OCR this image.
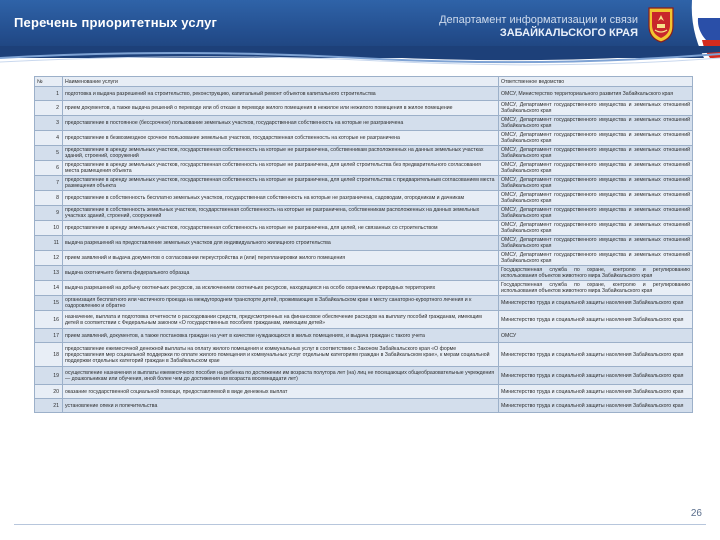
Перечень приоритетных услуг	Департамент информатизации и связи
ЗАБАЙКАЛЬСКОГО КРАЯ
№	Наименование услуги	Ответственное ведомство
1	подготовка и выдача разрешений на строительство, реконструкцию, капитальный ремонт объектов капитального строительства	ОМСУ, Министерство территориального развития Забайкальского края
2	прием документов, а также выдача решений о переводе или об отказе в переводе жилого помещения в нежилое или нежилого помещения в жилое помещение	ОМСУ, Департамент государственного имущества и земельных отношений Забайкальского края
3	предоставление в постоянное (бессрочное) пользование земельных участков, государственная собственность на которые не разграничена	ОМСУ, Департамент государственного имущества и земельных отношений Забайкальского края
4	предоставление в безвозмездное срочное пользование земельных участков, государственная собственность на которые не разграничена	ОМСУ, Департамент государственного имущества и земельных отношений Забайкальского края
5	предоставление в аренду земельных участков, государственная собственность на которые не разграничена, собственникам расположенных на данных земельных участках зданий, строений, сооружений	ОМСУ, Департамент государственного имущества и земельных отношений Забайкальского края
6	предоставление в аренду земельных участков, государственная собственность на которые не разграничена, для целей строительства без предварительного согласования места размещения объекта	ОМСУ, Департамент государственного имущества и земельных отношений Забайкальского края
7	предоставление в аренду земельных участков, государственная собственность на которые не разграничена, для целей строительства с предварительным согласованием места размещения объекта	ОМСУ, Департамент государственного имущества и земельных отношений Забайкальского края
8	предоставление в собственность бесплатно земельных участков, государственная собственность на которые не разграничена, садоводам, огородникам и дачникам	ОМСУ, Департамент государственного имущества и земельных отношений Забайкальского края
9	предоставление в собственность земельных участков, государственная собственность на которые не разграничена, собственникам расположенных на данных земельных участках зданий, строений, сооружений	ОМСУ, Департамент государственного имущества и земельных отношений Забайкальского края
10	предоставление в аренду земельных участков, государственная собственность на которые не разграничена, для целей, не связанных со строительством	ОМСУ, Департамент государственного имущества и земельных отношений Забайкальского края
11	выдача разрешений на предоставление земельных участков для индивидуального жилищного строительства	ОМСУ, Департамент государственного имущества и земельных отношений Забайкальского края
12	прием заявлений и выдача документов о согласовании переустройства и (или) перепланировки жилого помещения	ОМСУ, Департамент государственного имущества и земельных отношений Забайкальского края
13	выдача охотничьего билета федерального образца	Государственная служба по охране, контролю и регулированию использования объектов животного мира Забайкальского края
14	выдача разрешений на добычу охотничьих ресурсов, за исключением охотничьих ресурсов, находящихся на особо охраняемых природных территориях	Государственная служба по охране, контролю и регулированию использования объектов животного мира Забайкальского края
15	организация бесплатного или частичного проезда на междугороднем транспорте детей, проживающих в Забайкальском крае к месту санаторно-курортного лечения и к оздоровлению и обратно	Министерство труда и социальной защиты населения Забайкальского края
16	назначение, выплата и подготовка отчетности о расходовании средств, предусмотренных на финансовое обеспечение расходов на выплату пособий гражданам, имеющим детей в соответствии с Федеральным законом «О государственных пособиях гражданам, имеющим детей»	Министерство труда и социальной защиты населения Забайкальского края
17	прием заявлений, документов, а также постановка граждан на учет в качестве нуждающихся в жилых помещениях, и выдача граждан с такого учета	ОМСУ
18	предоставление ежемесячной денежной выплаты на оплату жилого помещения и коммунальных услуг в соответствии с Законом Забайкальского края «О форме предоставления мер социальной поддержки по оплате жилого помещения и коммунальных услуг отдельным категориям граждан в Забайкальском крае», к мерам социальной поддержки отдельных категорий граждан в Забайкальском крае	Министерство труда и социальной защиты населения Забайкальского края
19	осуществление назначения и выплаты ежемесячного пособия на ребенка по достижении им возраста полутора лет (на) лиц не посещающих общеобразовательные учреждения — дошкольникам или обучения, иной более чем до достижения им возраста восемнадцати лет)	Министерство труда и социальной защиты населения Забайкальского края
20	оказание государственной социальной помощи, предоставляемой в виде денежных выплат	Министерство труда и социальной защиты населения Забайкальского края
21	установление опеки и попечительства	Министерство труда и социальной защиты населения Забайкальского края
26
